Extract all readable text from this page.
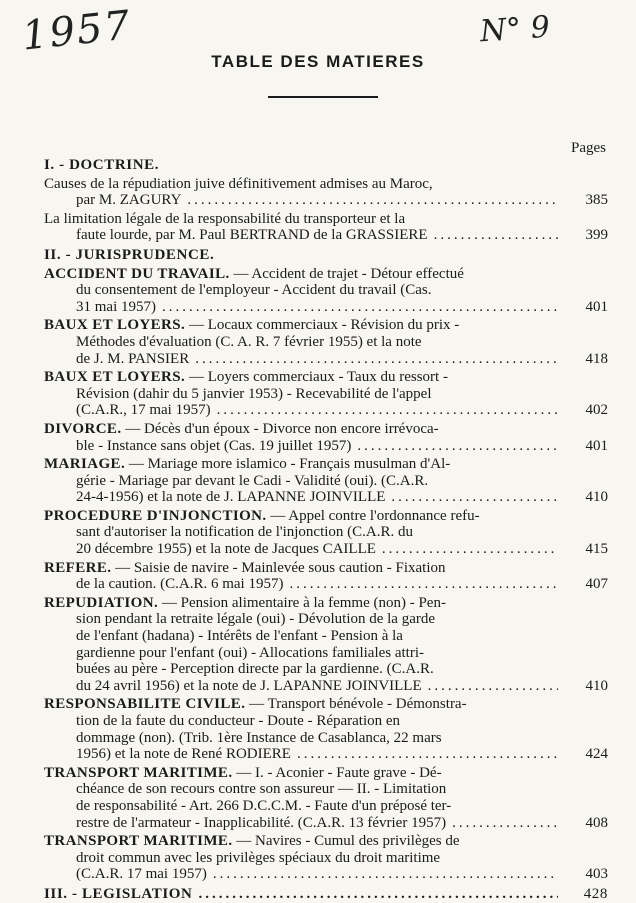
1957	N° 9
TABLE DES MATIERES
Pages
I. - DOCTRINE.
Causes de la répudiation juive définitivement admises au Maroc,
par M. ZAGURY .....	385
La limitation légale de la responsabilité du transporteur et la
faute lourde, par M. Paul BERTRAND de la GRASSIERE .....	399
II. - JURISPRUDENCE.
ACCIDENT DU TRAVAIL. — Accident de trajet - Détour effectué
du consentement de l'employeur - Accident du travail (Cas.
31 mai 1957) .....	401
BAUX ET LOYERS. — Locaux commerciaux - Révision du prix -
Méthodes d'évaluation (C. A. R. 7 février 1955) et la note
de J. M. PANSIER .....	418
BAUX ET LOYERS. — Loyers commerciaux - Taux du ressort -
Révision (dahir du 5 janvier 1953) - Recevabilité de l'appel
(C.A.R., 17 mai 1957) .....	402
DIVORCE. — Décès d'un époux - Divorce non encore irrévoca-
ble - Instance sans objet (Cas. 19 juillet 1957) .....	401
MARIAGE. — Mariage more islamico - Français musulman d'Al-
gérie - Mariage par devant le Cadi - Validité (oui). (C.A.R.
24-4-1956) et la note de J. LAPANNE JOINVILLE .....	410
PROCEDURE D'INJONCTION. — Appel contre l'ordonnance refu-
sant d'autoriser la notification de l'injonction (C.A.R. du
20 décembre 1955) et la note de Jacques CAILLE .....	415
REFERE. — Saisie de navire - Mainlevée sous caution - Fixation
de la caution. (C.A.R. 6 mai 1957) .....	407
REPUDIATION. — Pension alimentaire à la femme (non) - Pen-
sion pendant la retraite légale (oui) - Dévolution de la garde
de l'enfant (hadana) - Intérêts de l'enfant - Pension à la
gardienne pour l'enfant (oui) - Allocations familiales attri-
buées au père - Perception directe par la gardienne. (C.A.R.
du 24 avril 1956) et la note de J. LAPANNE JOINVILLE .....	410
RESPONSABILITE CIVILE. — Transport bénévole - Démonstra-
tion de la faute du conducteur - Doute - Réparation en
dommage (non). (Trib. 1ère Instance de Casablanca, 22 mars
1956) et la note de René RODIERE .....	424
TRANSPORT MARITIME. — I. - Aconier - Faute grave - Dé-
chéance de son recours contre son assureur — II. - Limitation
de responsabilité - Art. 266 D.C.C.M. - Faute d'un préposé ter-
restre de l'armateur - Inapplicabilité. (C.A.R. 13 février 1957) .....	408
TRANSPORT MARITIME. — Navires - Cumul des privilèges de
droit commun avec les privilèges spéciaux du droit maritime
(C.A.R. 17 mai 1957) .....	403
III. - LEGISLATION .....	428
